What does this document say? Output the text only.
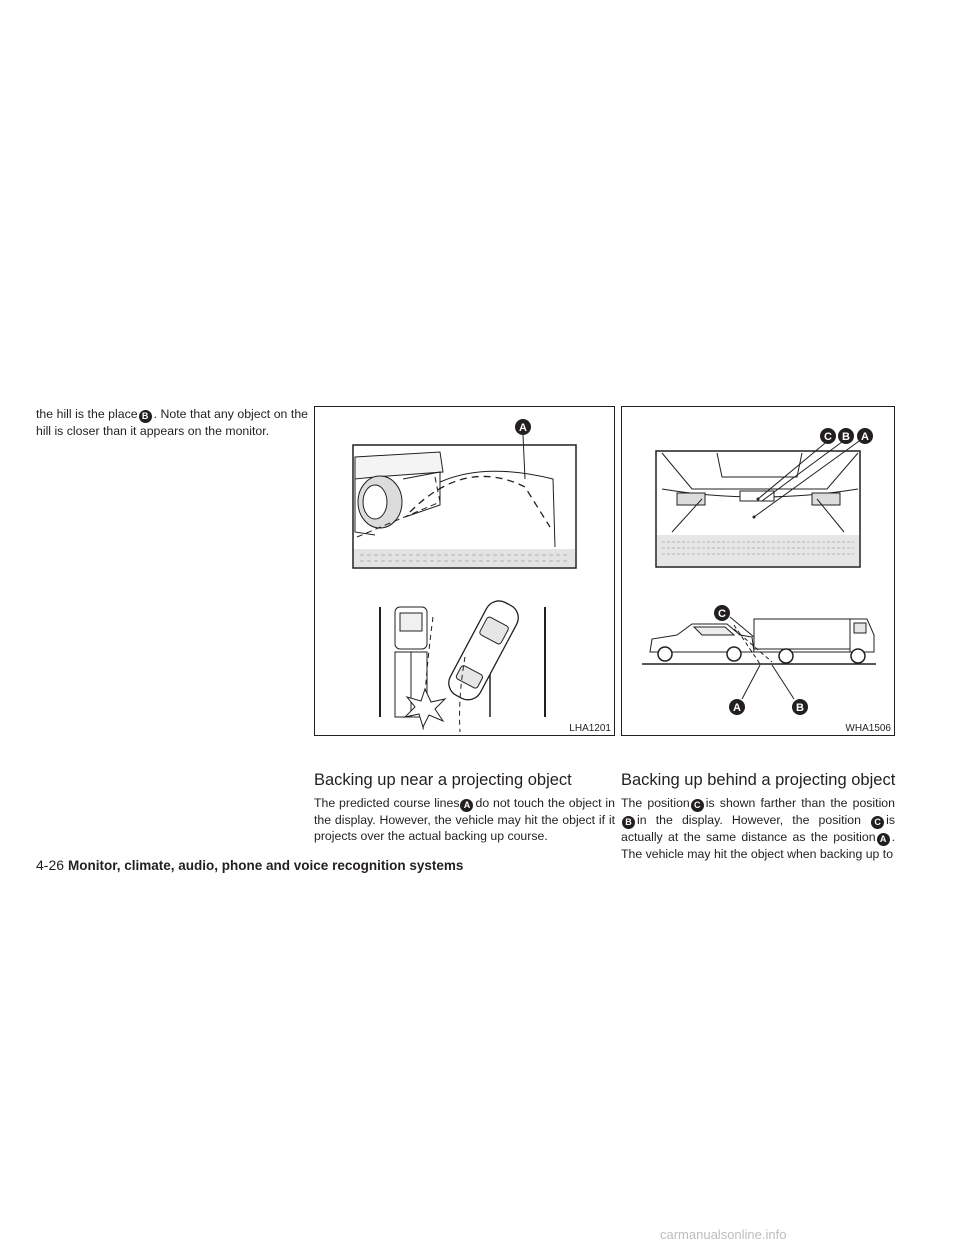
the hill is the place B . Note that any object on the hill is closer than it appears on the monitor.	A
LHA1201
C B A
C
A	B
WHA1506
Backing up near a projecting object

The predicted course lines A do not touch the object in the display. However, the vehicle may hit the object if it projects over the actual backing up course.

Backing up behind a projecting object

The position C is shown farther than the position B in the display. However, the position C is actually at the same distance as the position A . The vehicle may hit the object when backing up to

4-26 Monitor, climate, audio, phone and voice recognition systems
carmanualsonline.info
